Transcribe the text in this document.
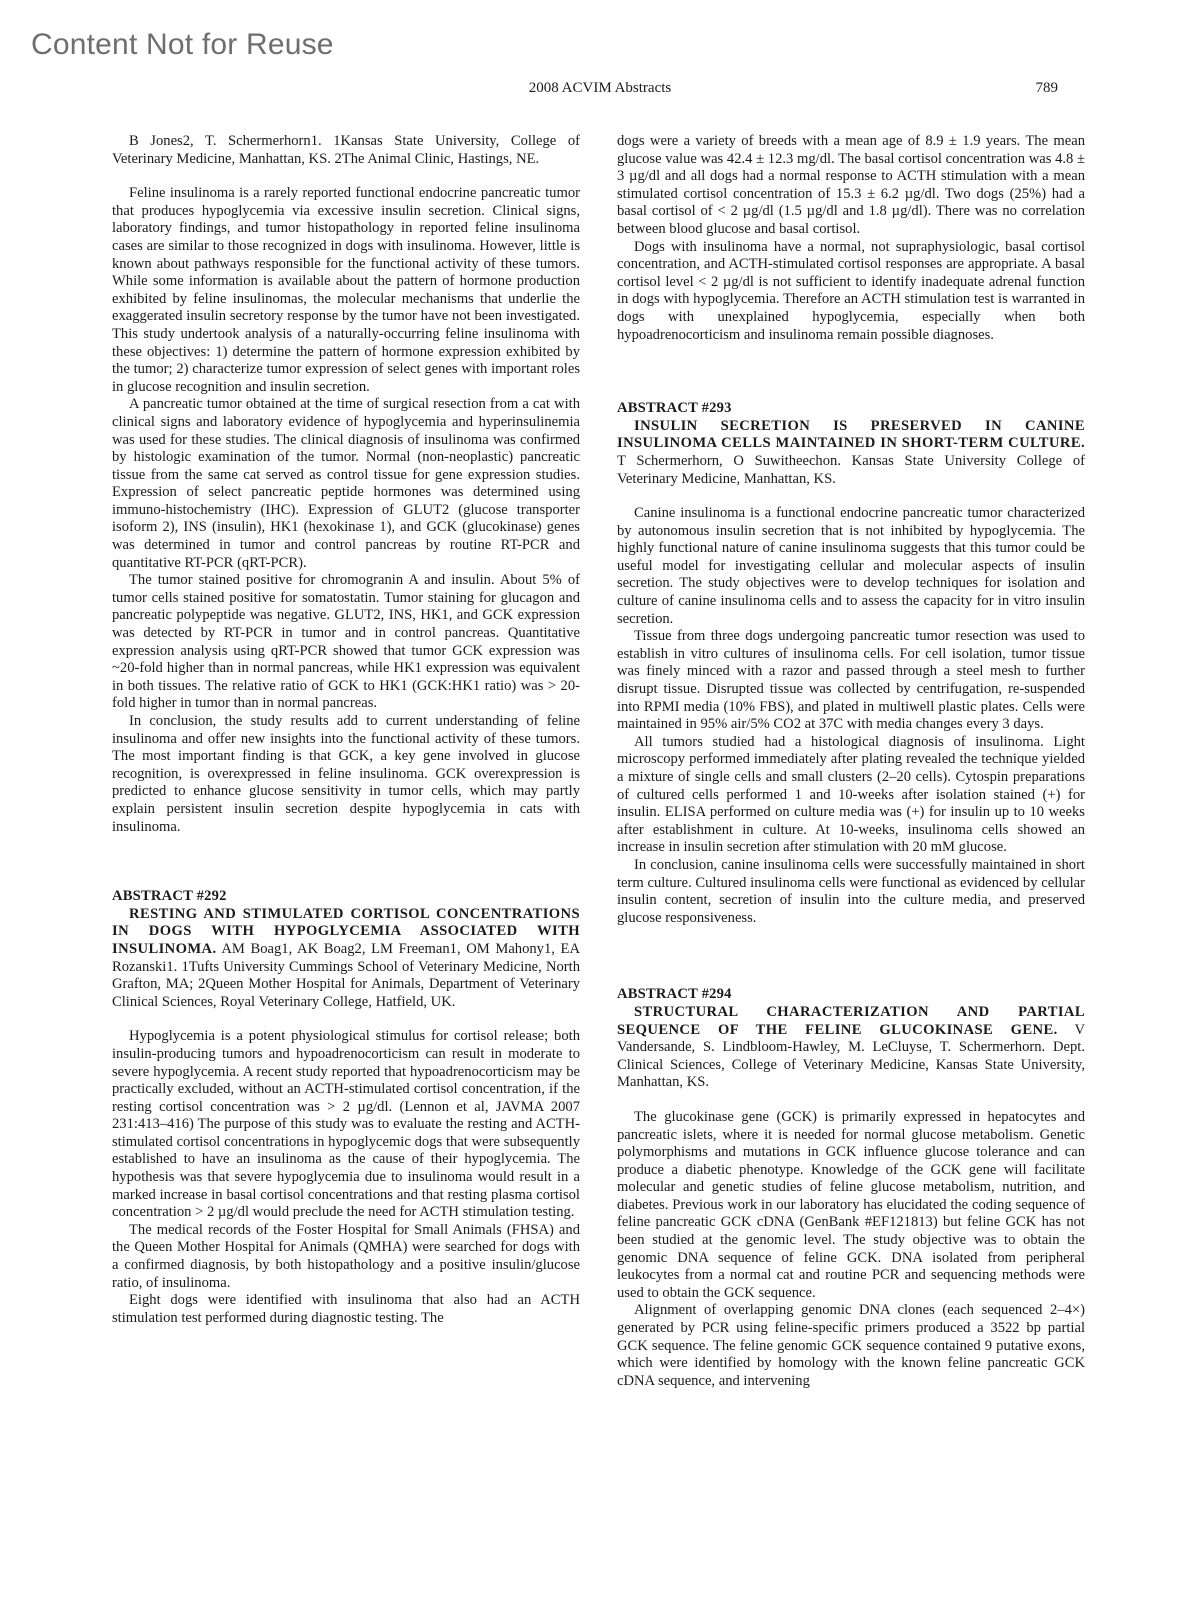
Content Not for Reuse
2008 ACVIM Abstracts	789

B Jones2, T. Schermerhorn1. 1Kansas State University, College of Veterinary Medicine, Manhattan, KS. 2The Animal Clinic, Hastings, NE.

Feline insulinoma is a rarely reported functional endocrine pancreatic tumor that produces hypoglycemia via excessive insulin secretion. Clinical signs, laboratory findings, and tumor histopathology in reported feline insulinoma cases are similar to those recognized in dogs with insulinoma. However, little is known about pathways responsible for the functional activity of these tumors. While some information is available about the pattern of hormone production exhibited by feline insulinomas, the molecular mechanisms that underlie the exaggerated insulin secretory response by the tumor have not been investigated. This study undertook analysis of a naturally-occurring feline insulinoma with these objectives: 1) determine the pattern of hormone expression exhibited by the tumor; 2) characterize tumor expression of select genes with important roles in glucose recognition and insulin secretion.

A pancreatic tumor obtained at the time of surgical resection from a cat with clinical signs and laboratory evidence of hypoglycemia and hyperinsulinemia was used for these studies. The clinical diagnosis of insulinoma was confirmed by histologic examination of the tumor. Normal (non-neoplastic) pancreatic tissue from the same cat served as control tissue for gene expression studies. Expression of select pancreatic peptide hormones was determined using immuno-histochemistry (IHC). Expression of GLUT2 (glucose transporter isoform 2), INS (insulin), HK1 (hexokinase 1), and GCK (glucokinase) genes was determined in tumor and control pancreas by routine RT-PCR and quantitative RT-PCR (qRT-PCR).

The tumor stained positive for chromogranin A and insulin. About 5% of tumor cells stained positive for somatostatin. Tumor staining for glucagon and pancreatic polypeptide was negative. GLUT2, INS, HK1, and GCK expression was detected by RT-PCR in tumor and in control pancreas. Quantitative expression analysis using qRT-PCR showed that tumor GCK expression was ~20-fold higher than in normal pancreas, while HK1 expression was equivalent in both tissues. The relative ratio of GCK to HK1 (GCK:HK1 ratio) was > 20-fold higher in tumor than in normal pancreas.

In conclusion, the study results add to current understanding of feline insulinoma and offer new insights into the functional activity of these tumors. The most important finding is that GCK, a key gene involved in glucose recognition, is overexpressed in feline insulinoma. GCK overexpression is predicted to enhance glucose sensitivity in tumor cells, which may partly explain persistent insulin secretion despite hypoglycemia in cats with insulinoma.

ABSTRACT #292

RESTING AND STIMULATED CORTISOL CONCENTRATIONS IN DOGS WITH HYPOGLYCEMIA ASSOCIATED WITH INSULINOMA. AM Boag1, AK Boag2, LM Freeman1, OM Mahony1, EA Rozanski1. 1Tufts University Cummings School of Veterinary Medicine, North Grafton, MA; 2Queen Mother Hospital for Animals, Department of Veterinary Clinical Sciences, Royal Veterinary College, Hatfield, UK.

Hypoglycemia is a potent physiological stimulus for cortisol release; both insulin-producing tumors and hypoadrenocorticism can result in moderate to severe hypoglycemia. A recent study reported that hypoadrenocorticism may be practically excluded, without an ACTH-stimulated cortisol concentration, if the resting cortisol concentration was > 2 µg/dl. (Lennon et al, JAVMA 2007 231:413–416) The purpose of this study was to evaluate the resting and ACTH-stimulated cortisol concentrations in hypoglycemic dogs that were subsequently established to have an insulinoma as the cause of their hypoglycemia. The hypothesis was that severe hypoglycemia due to insulinoma would result in a marked increase in basal cortisol concentrations and that resting plasma cortisol concentration > 2 µg/dl would preclude the need for ACTH stimulation testing.

The medical records of the Foster Hospital for Small Animals (FHSA) and the Queen Mother Hospital for Animals (QMHA) were searched for dogs with a confirmed diagnosis, by both histopathology and a positive insulin/glucose ratio, of insulinoma.

Eight dogs were identified with insulinoma that also had an ACTH stimulation test performed during diagnostic testing. The

dogs were a variety of breeds with a mean age of 8.9 ± 1.9 years. The mean glucose value was 42.4 ± 12.3 mg/dl. The basal cortisol concentration was 4.8 ± 3 µg/dl and all dogs had a normal response to ACTH stimulation with a mean stimulated cortisol concentration of 15.3 ± 6.2 µg/dl. Two dogs (25%) had a basal cortisol of < 2 µg/dl (1.5 µg/dl and 1.8 µg/dl). There was no correlation between blood glucose and basal cortisol.

Dogs with insulinoma have a normal, not supraphysiologic, basal cortisol concentration, and ACTH-stimulated cortisol responses are appropriate. A basal cortisol level < 2 µg/dl is not sufficient to identify inadequate adrenal function in dogs with hypoglycemia. Therefore an ACTH stimulation test is warranted in dogs with unexplained hypoglycemia, especially when both hypoadrenocorticism and insulinoma remain possible diagnoses.

ABSTRACT #293

INSULIN SECRETION IS PRESERVED IN CANINE INSULINOMA CELLS MAINTAINED IN SHORT-TERM CULTURE. T Schermerhorn, O Suwitheechon. Kansas State University College of Veterinary Medicine, Manhattan, KS.

Canine insulinoma is a functional endocrine pancreatic tumor characterized by autonomous insulin secretion that is not inhibited by hypoglycemia. The highly functional nature of canine insulinoma suggests that this tumor could be useful model for investigating cellular and molecular aspects of insulin secretion. The study objectives were to develop techniques for isolation and culture of canine insulinoma cells and to assess the capacity for in vitro insulin secretion.

Tissue from three dogs undergoing pancreatic tumor resection was used to establish in vitro cultures of insulinoma cells. For cell isolation, tumor tissue was finely minced with a razor and passed through a steel mesh to further disrupt tissue. Disrupted tissue was collected by centrifugation, re-suspended into RPMI media (10% FBS), and plated in multiwell plastic plates. Cells were maintained in 95% air/5% CO2 at 37C with media changes every 3 days.

All tumors studied had a histological diagnosis of insulinoma. Light microscopy performed immediately after plating revealed the technique yielded a mixture of single cells and small clusters (2–20 cells). Cytospin preparations of cultured cells performed 1 and 10-weeks after isolation stained (+) for insulin. ELISA performed on culture media was (+) for insulin up to 10 weeks after establishment in culture. At 10-weeks, insulinoma cells showed an increase in insulin secretion after stimulation with 20 mM glucose.

In conclusion, canine insulinoma cells were successfully maintained in short term culture. Cultured insulinoma cells were functional as evidenced by cellular insulin content, secretion of insulin into the culture media, and preserved glucose responsiveness.

ABSTRACT #294

STRUCTURAL CHARACTERIZATION AND PARTIAL SEQUENCE OF THE FELINE GLUCOKINASE GENE. V Vandersande, S. Lindbloom-Hawley, M. LeCluyse, T. Schermerhorn. Dept. Clinical Sciences, College of Veterinary Medicine, Kansas State University, Manhattan, KS.

The glucokinase gene (GCK) is primarily expressed in hepatocytes and pancreatic islets, where it is needed for normal glucose metabolism. Genetic polymorphisms and mutations in GCK influence glucose tolerance and can produce a diabetic phenotype. Knowledge of the GCK gene will facilitate molecular and genetic studies of feline glucose metabolism, nutrition, and diabetes. Previous work in our laboratory has elucidated the coding sequence of feline pancreatic GCK cDNA (GenBank #EF121813) but feline GCK has not been studied at the genomic level. The study objective was to obtain the genomic DNA sequence of feline GCK. DNA isolated from peripheral leukocytes from a normal cat and routine PCR and sequencing methods were used to obtain the GCK sequence.

Alignment of overlapping genomic DNA clones (each sequenced 2–4×) generated by PCR using feline-specific primers produced a 3522 bp partial GCK sequence. The feline genomic GCK sequence contained 9 putative exons, which were identified by homology with the known feline pancreatic GCK cDNA sequence, and intervening
